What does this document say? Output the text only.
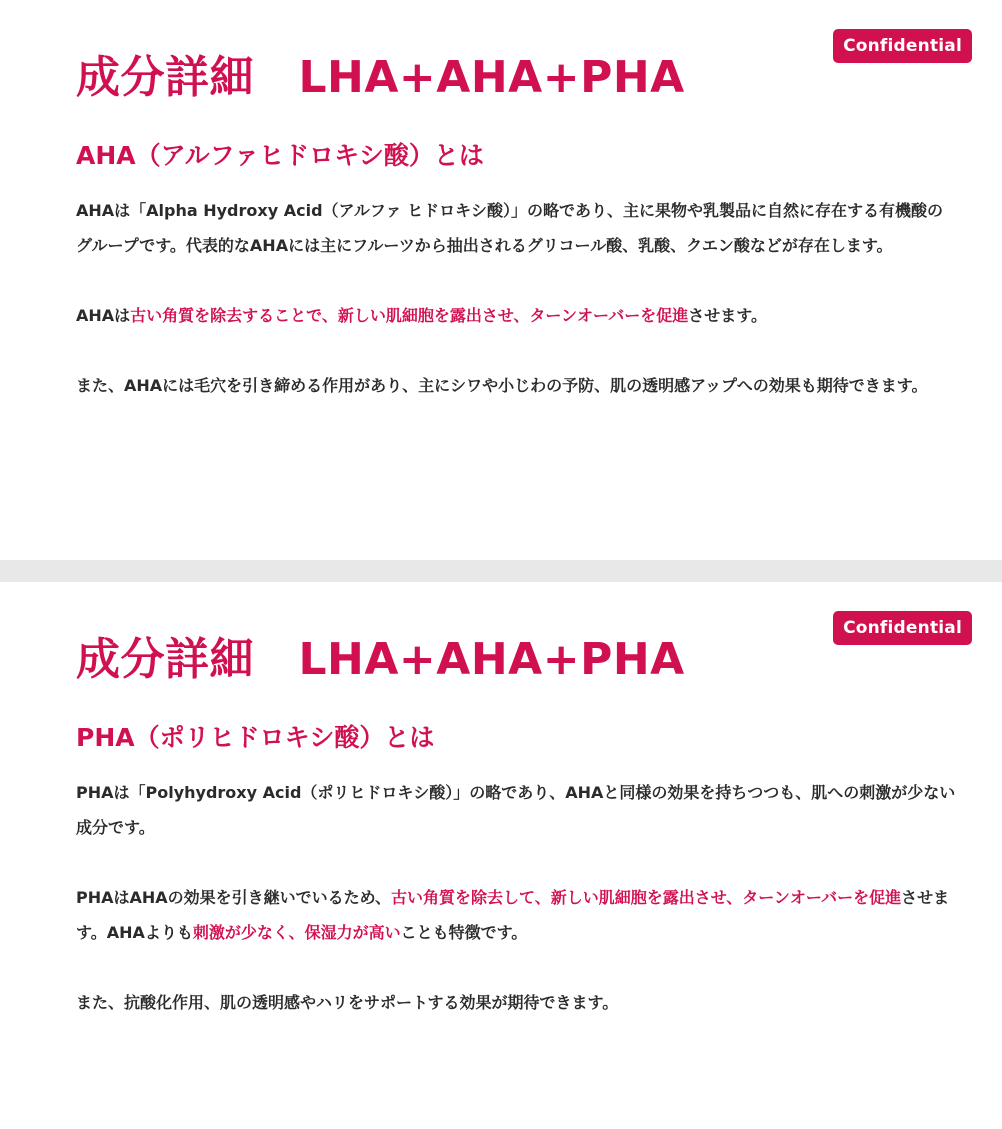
Confidential
成分詳細　LHA+AHA+PHA
AHA（アルファヒドロキシ酸）とは

AHAは「Alpha Hydroxy Acid（アルファ ヒドロキシ酸）」の略であり、主に果物や乳製品に自然に存在する有機酸のグループです。代表的なAHAには主にフルーツから抽出されるグリコール酸、乳酸、クエン酸などが存在します。

AHAは古い角質を除去することで、新しい肌細胞を露出させ、ターンオーバーを促進させます。

また、AHAには毛穴を引き締める作用があり、主にシワや小じわの予防、肌の透明感アップへの効果も期待できます。

Confidential
成分詳細　LHA+AHA+PHA
PHA（ポリヒドロキシ酸）とは

PHAは「Polyhydroxy Acid（ポリヒドロキシ酸）」の略であり、AHAと同様の効果を持ちつつも、肌への刺激が少ない成分です。

PHAはAHAの効果を引き継いでいるため、古い角質を除去して、新しい肌細胞を露出させ、ターンオーバーを促進させます。AHAよりも刺激が少なく、保湿力が高いことも特徴です。

また、抗酸化作用、肌の透明感やハリをサポートする効果が期待できます。
